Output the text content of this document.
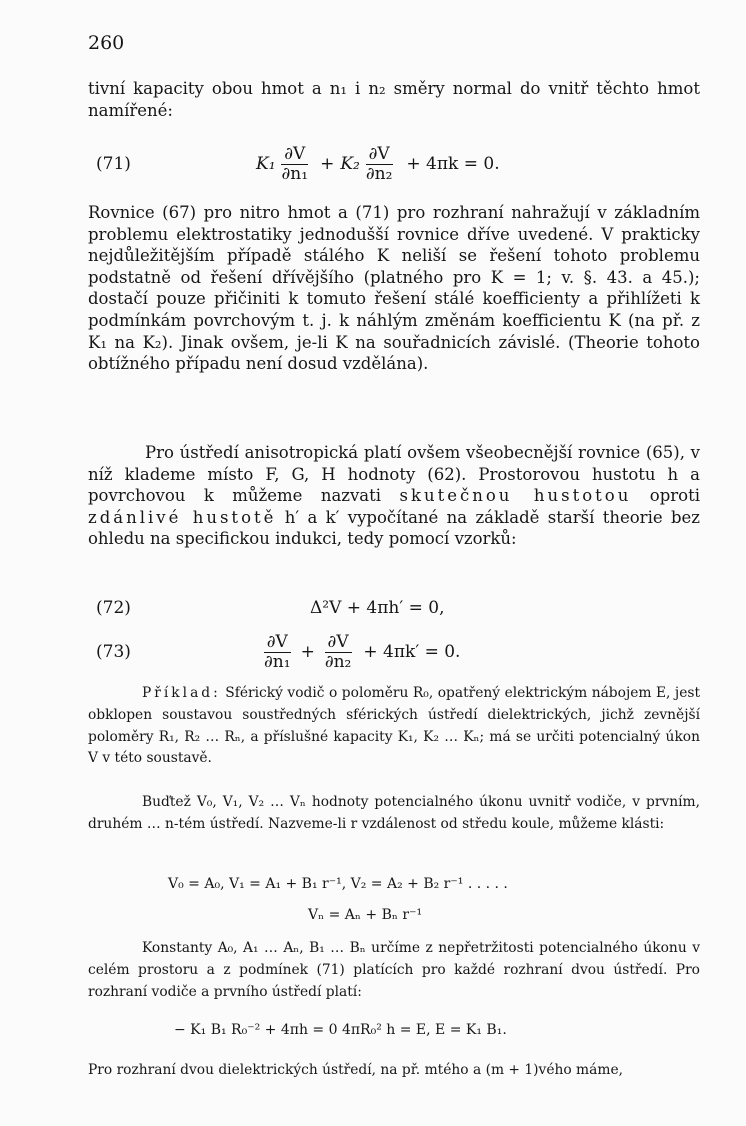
260
tivní kapacity obou hmot a n₁ i n₂ směry normal do vnitř těchto hmot namířené:
(71)	$K_1 \frac{\partial V}{\text{∂n₁}} + K_2 \frac{\partial V}{\text{∂n₂}} + 4\pi k = 0$.
Rovnice (67) pro nitro hmot a (71) pro rozhraní nahražují v základním problemu elektrostatiky jednodušší rovnice dříve uvedené. V prakticky nejdůležitějším případě stálého K neliší se řešení tohoto problemu podstatně od řešení dřívějšího (platného pro K = 1; v. §. 43. a 45.); dostačí pouze přičiniti k tomuto řešení stálé koefficienty a přihlížeti k podmínkám povrchovým t. j. k náhlým změnám koefficientu K (na př. z K₁ na K₂). Jinak ovšem, je-li K na souřadnicích závislé. (Theorie tohoto obtížného případu není dosud vzdělána).
Pro ústředí anisotropická platí ovšem všeobecnější rovnice (65), v níž klademe místo F, G, H hodnoty (62). Prostorovou hustotu h a povrchovou k můžeme nazvati skutečnou hustotou oproti zdánlivé hustotě h′ a k′ vypočítané na základě starší theorie bez ohledu na specifickou indukci, tedy pomocí vzorků:
(72)	Δ²V + 4πh′ = 0,
(73)	$\frac{\partial V}{\text{∂n₁}} + \frac{\partial V}{\text{∂n₂}} + 4\pi k' = 0$.
Příklad: Sférický vodič o poloměru R₀, opatřený elektrickým nábojem E, jest obklopen soustavou soustředných sférických ústředí dielektrických, jichž zevnější poloměry R₁, R₂ … Rₙ, a příslušné kapacity K₁, K₂ … Kₙ; má se určiti potencialný úkon V v této soustavě.
Buďtež V₀, V₁, V₂ … Vₙ hodnoty potencialného úkonu uvnitř vodiče, v prvním, druhém … n-tém ústředí. Nazveme-li r vzdálenost od středu koule, můžeme klásti:
V₀ = A₀, V₁ = A₁ + B₁ r⁻¹, V₂ = A₂ + B₂ r⁻¹ . . . . .
Vₙ = Aₙ + Bₙ r⁻¹
Konstanty A₀, A₁ … Aₙ, B₁ … Bₙ určíme z nepřetržitosti potencialného úkonu v celém prostoru a z podmínek (71) platících pro každé rozhraní dvou ústředí. Pro rozhraní vodiče a prvního ústředí platí:
− K₁ B₁ R₀⁻² + 4πh = 0 4πR₀² h = E, E = K₁ B₁.
Pro rozhraní dvou dielektrických ústředí, na př. mtého a (m + 1)vého máme,
